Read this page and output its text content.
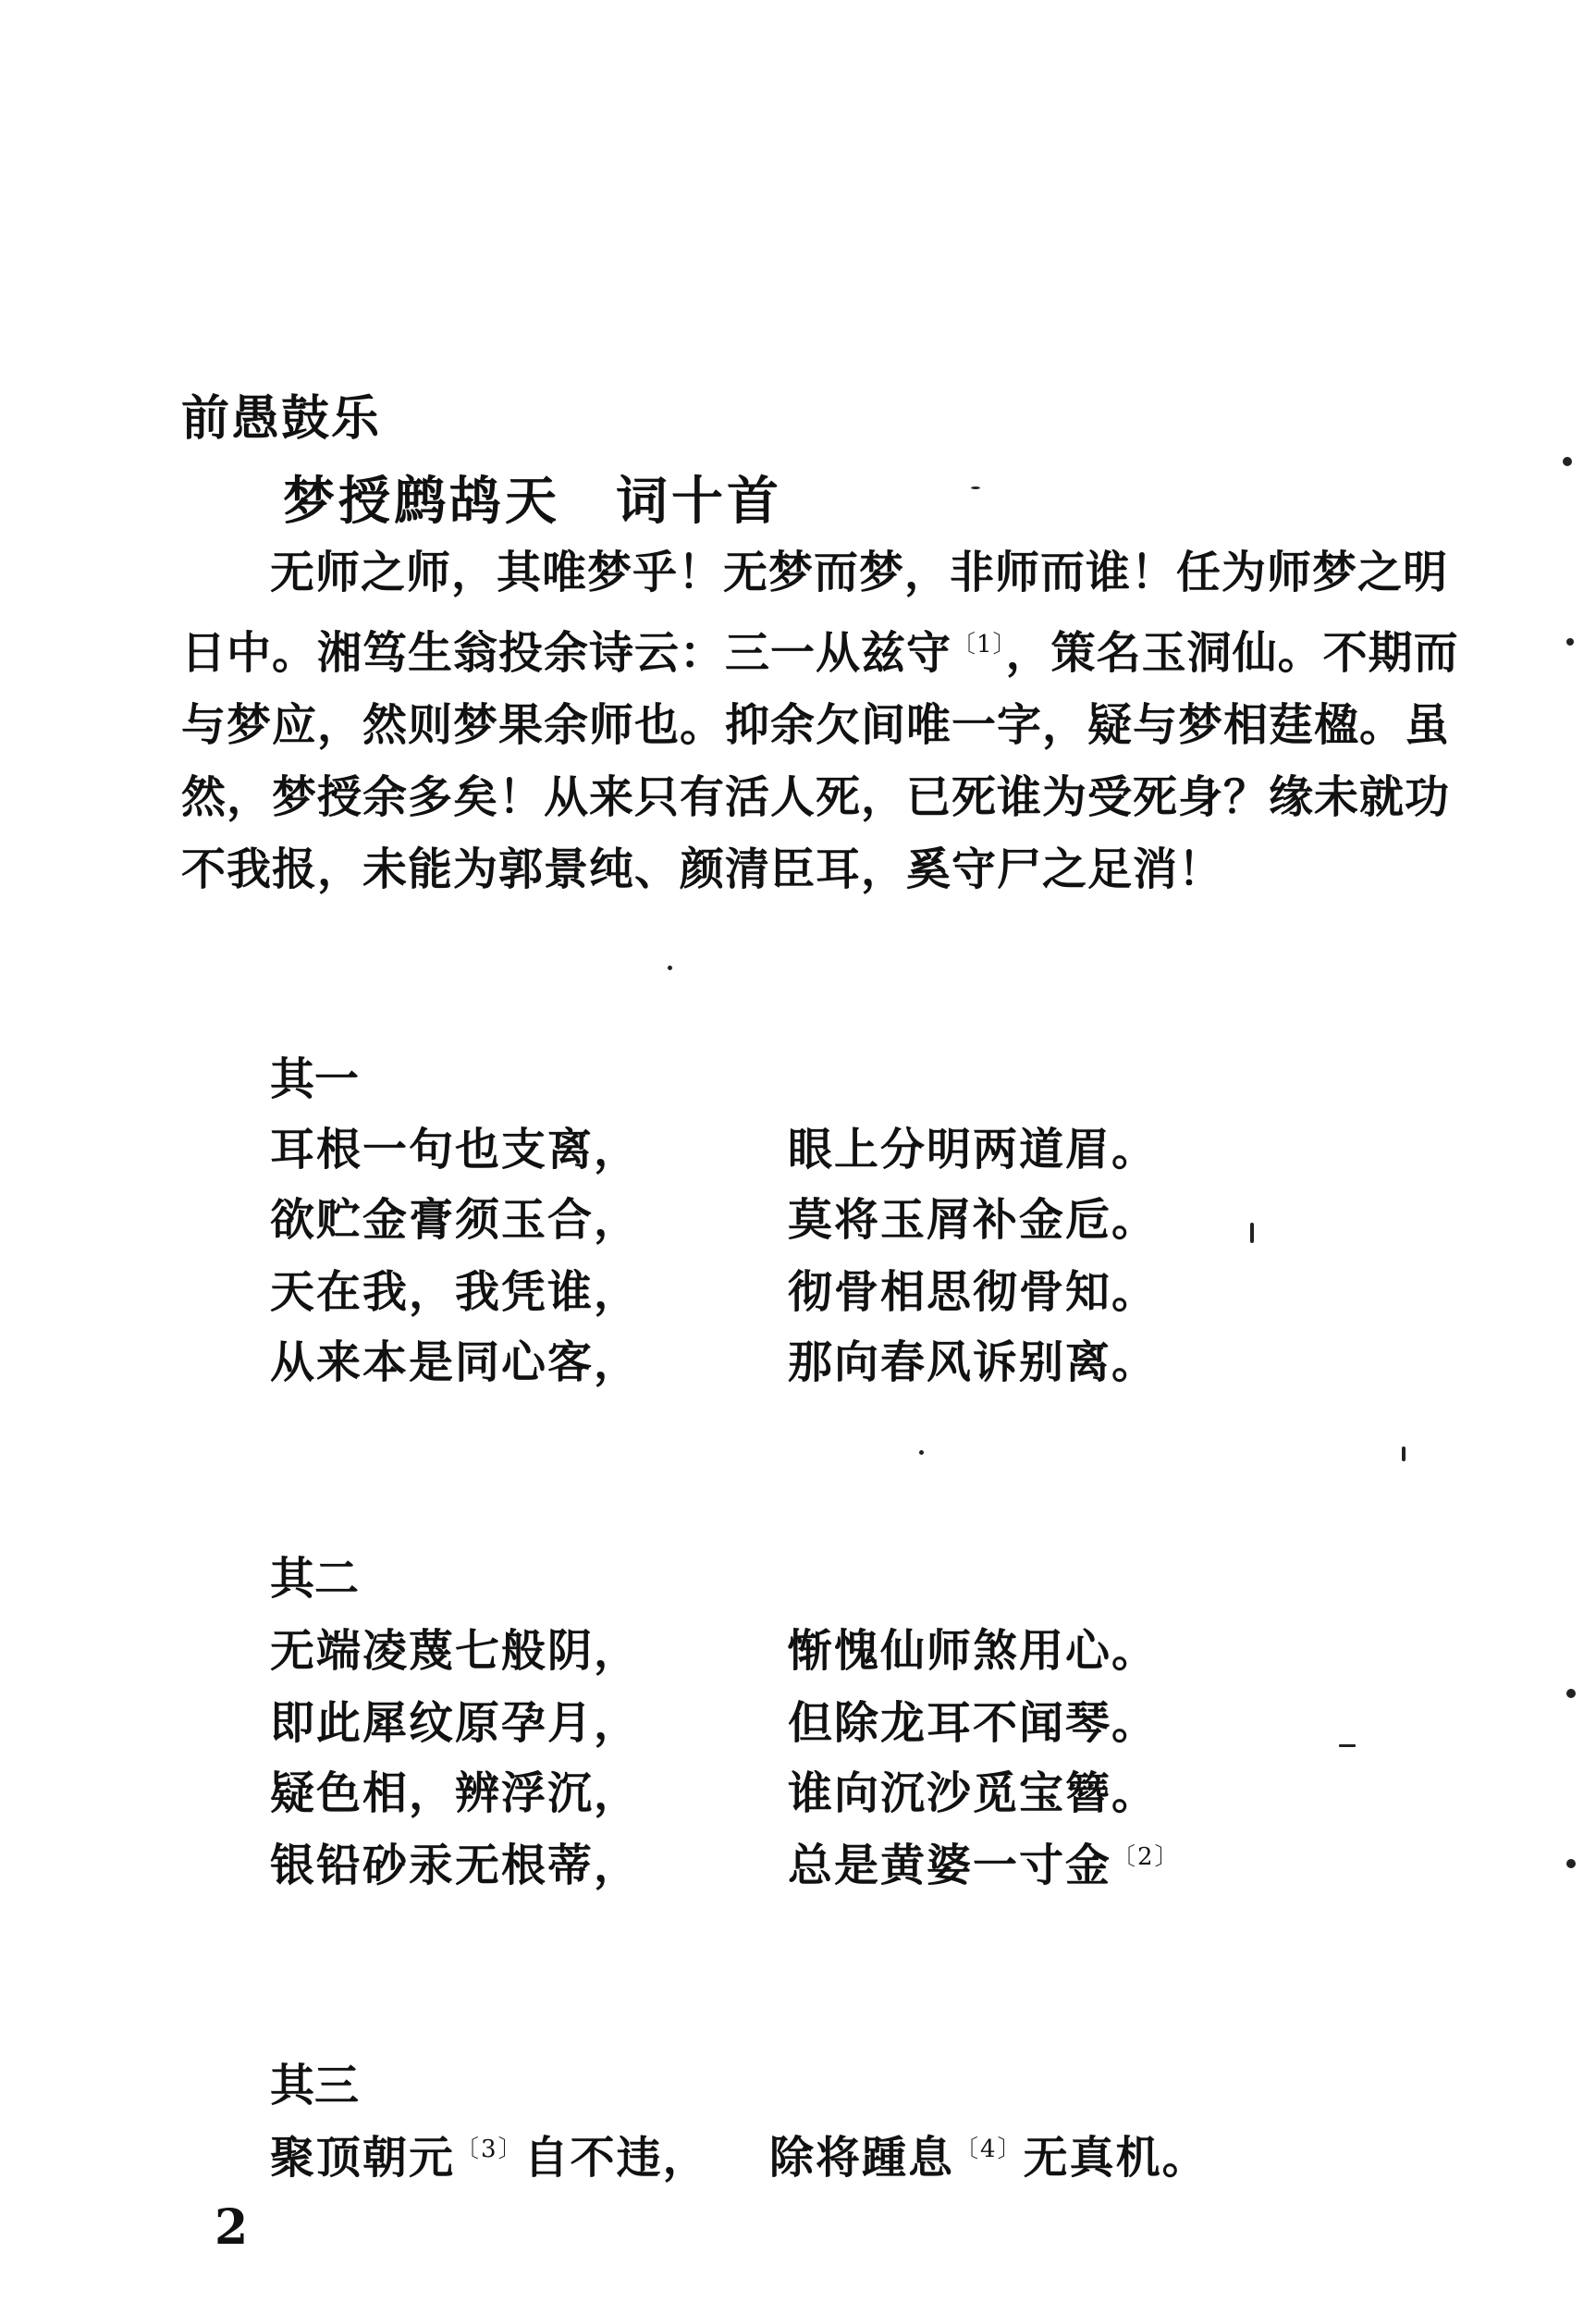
前愚鼓乐
梦授鹧鸪天　词十首
无师之师，其唯梦乎！无梦而梦，非师而谁！任为师梦之明日中。湘笃生翁投余诗云：三一从兹守$^{〔1〕}$，策名玉洞仙。不期而与梦应，然则梦果余师也。抑余欠间唯一字，疑与梦相莛楹。虽然，梦授余多矣！从来只有活人死，已死谁为受死身？缘未就功不我报，未能为郭景纯、颜清臣耳，奚守尸之足消！
其一
耳根一句也支离，	眼上分明两道眉。
欲贮金膏须玉合，	莫将玉屑补金卮。
天在我，我凭谁，	彻骨相思彻骨知。
从来本是同心客，	那向春风诉别离。
其二
无端凌蔑七般阴，	惭愧仙师煞用心。
即此犀纹原孕月，	但除龙耳不闻琴。
疑色相，辨浮沉，	谁向沉沙觅宝簪。
银铅砂汞无根蒂，	总是黄婆一寸金$^{〔2〕}$
其三
聚顶朝元$^{〔3〕}$自不违， 除将踵息$^{〔4〕}$无真机。
2
